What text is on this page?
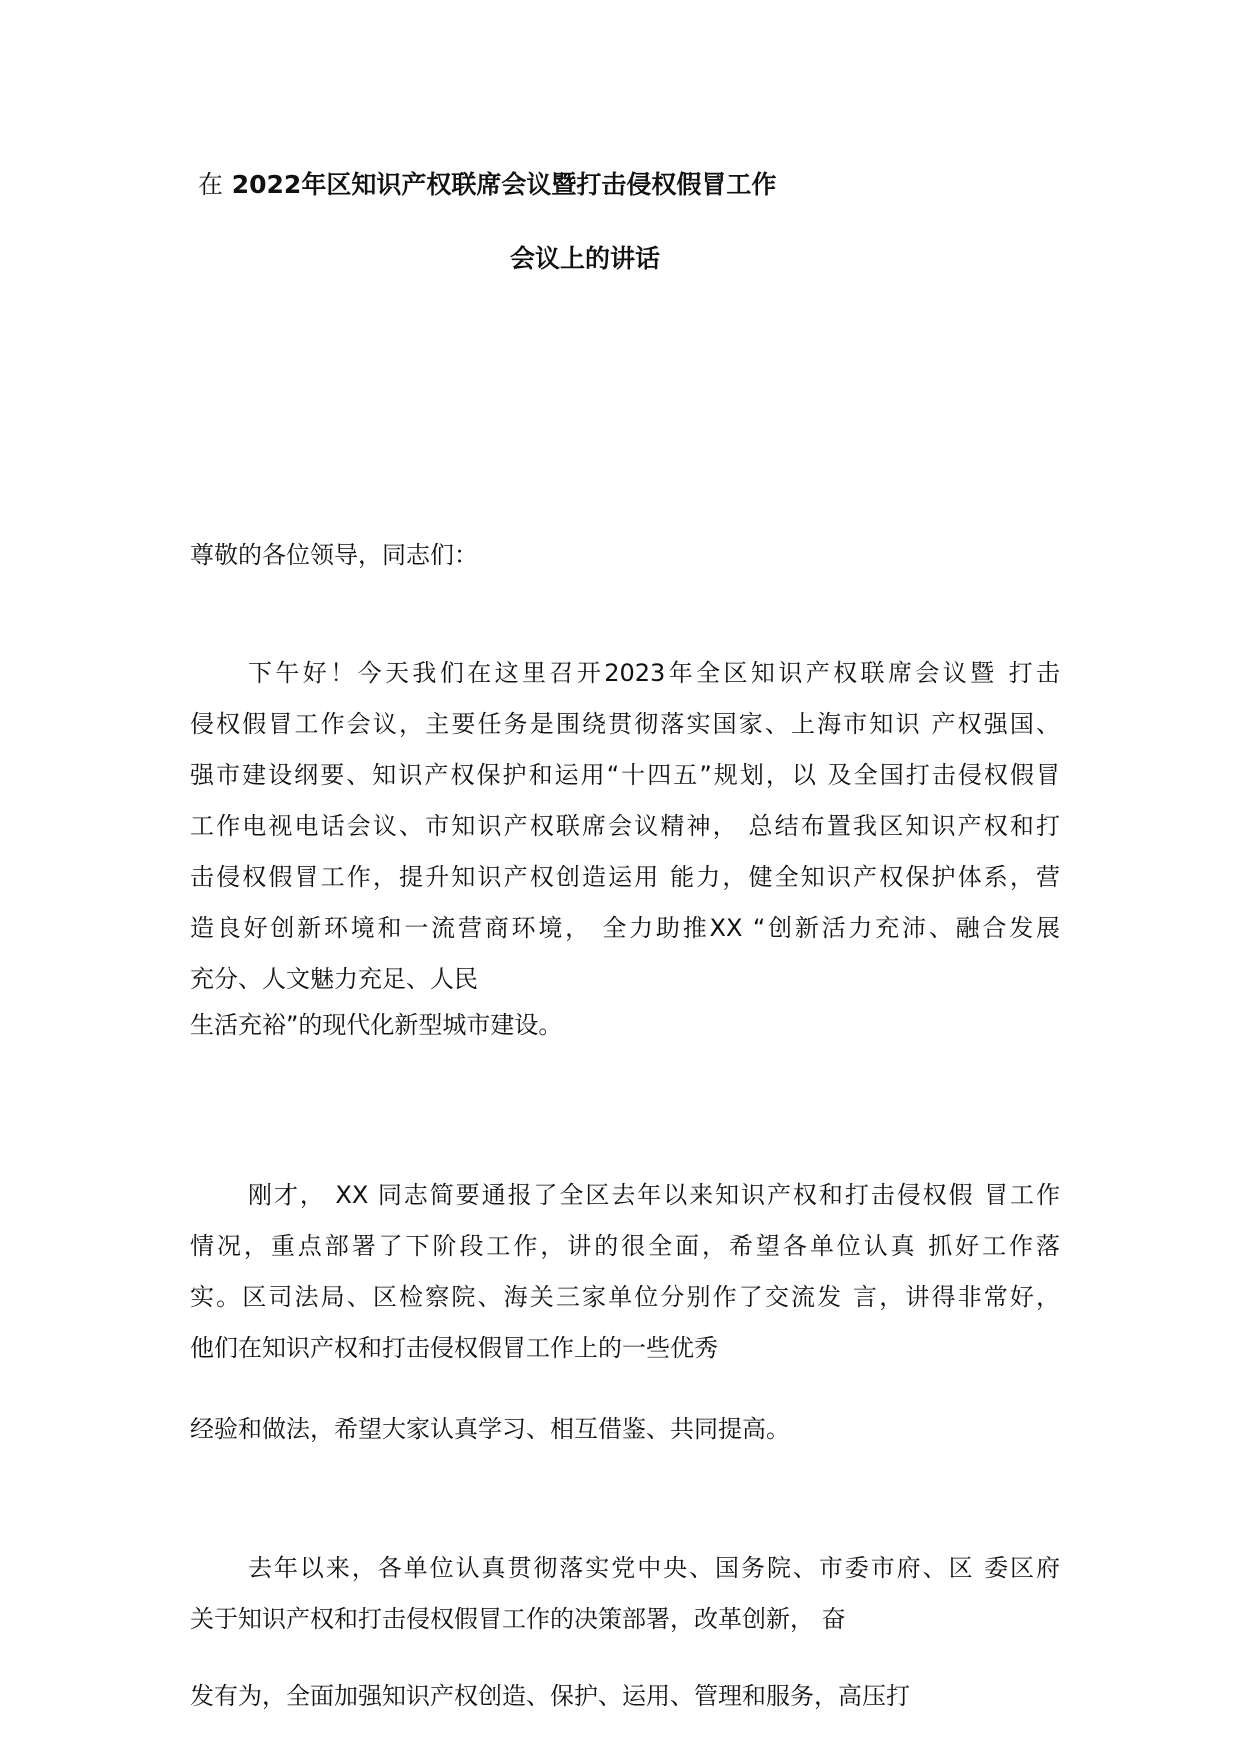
在 2022年区知识产权联席会议暨打击侵权假冒工作
会议上的讲话
尊敬的各位领导，同志们：
下午好！今天我们在这里召开2023年全区知识产权联席会议暨 打击
侵权假冒工作会议，主要任务是围绕贯彻落实国家、上海市知识 产权强国、
强市建设纲要、知识产权保护和运用“十四五”规划，以 及全国打击侵权假冒
工作电视电话会议、市知识产权联席会议精神， 总结布置我区知识产权和打
击侵权假冒工作，提升知识产权创造运用 能力，健全知识产权保护体系，营
造良好创新环境和一流营商环境， 全力助推XX “创新活力充沛、融合发展
充分、人文魅力充足、人民
生活充裕”的现代化新型城市建设。
刚才， XX 同志简要通报了全区去年以来知识产权和打击侵权假 冒工作
情况，重点部署了下阶段工作，讲的很全面，希望各单位认真 抓好工作落
实。区司法局、区检察院、海关三家单位分别作了交流发 言，讲得非常好，
他们在知识产权和打击侵权假冒工作上的一些优秀
经验和做法，希望大家认真学习、相互借鉴、共同提高。
去年以来，各单位认真贯彻落实党中央、国务院、市委市府、区 委区府
关于知识产权和打击侵权假冒工作的决策部署，改革创新， 奋
发有为，全面加强知识产权创造、保护、运用、管理和服务，高压打
